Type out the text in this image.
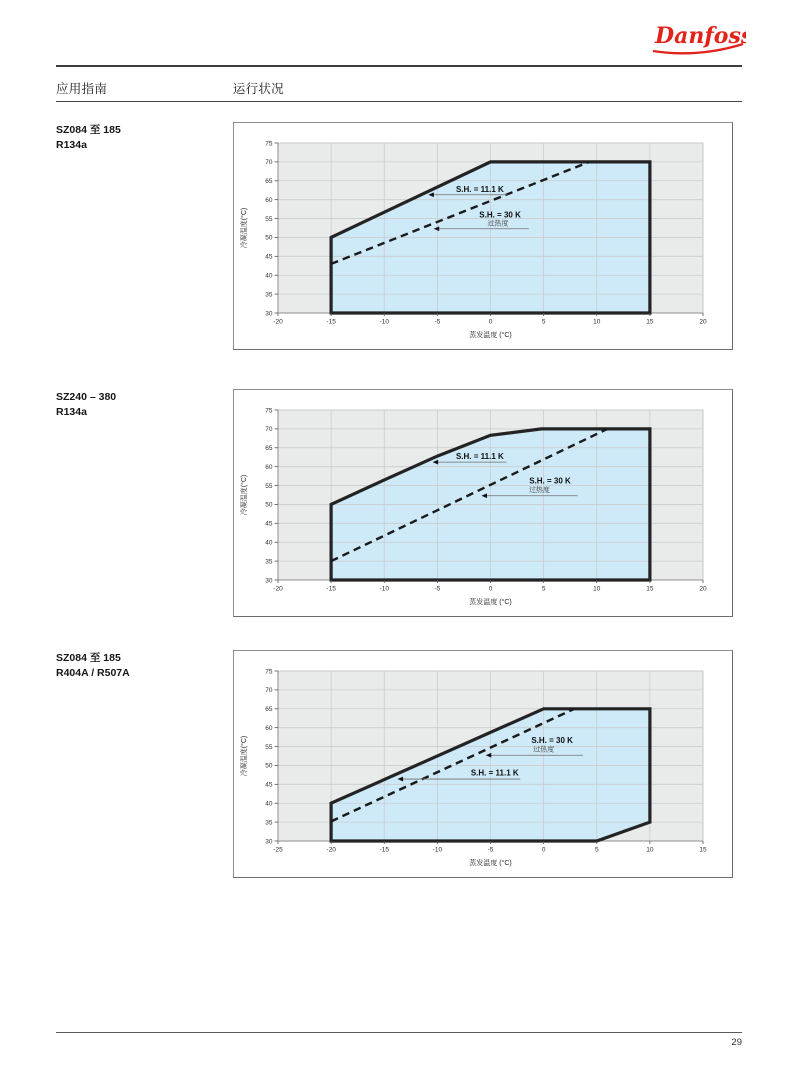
Danfoss
应用指南	运行状况
SZ084 至 185
R134a
-20	-15	-10	-5	0	5	10	15	20
30
35
40
45
50
55
60
65
70
75
蒸发温度 (°C)
冷凝温度(°C)
S.H. = 11.1 K
S.H. = 30 K
过热度
SZ240 – 380
R134a
-20	-15	-10	-5	0	5	10	15	20
30
35
40
45
50
55
60
65
70
75
蒸发温度 (°C)
冷凝温度(°C)
S.H. = 11.1 K
S.H. = 30 K
过热度
SZ084 至 185
R404A / R507A
-25	-20	-15	-10	-5	0	5	10	15
30
35
40
45
50
55
60
65
70
75
蒸发温度 (°C)
冷凝温度(°C)	S.H. = 30 K
过热度
S.H. = 11.1 K
29
